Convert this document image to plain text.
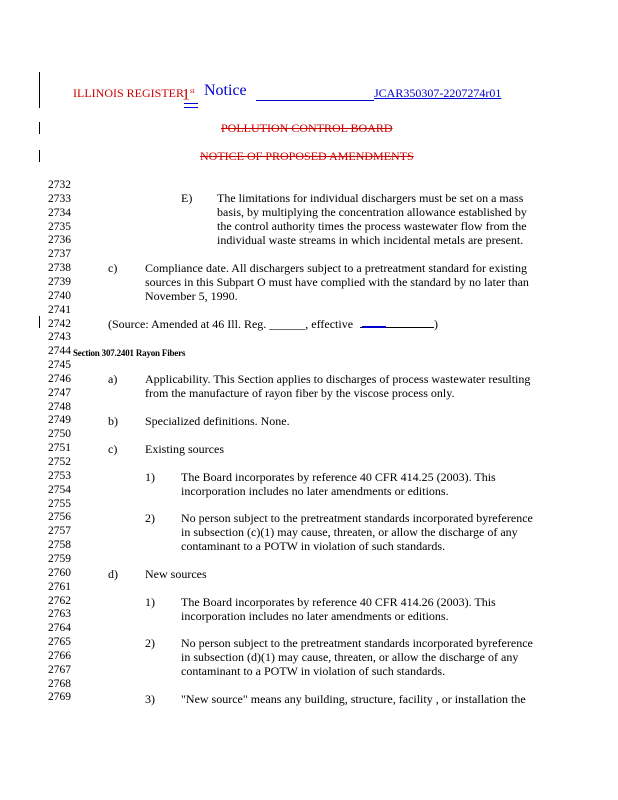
ILLINOIS REGISTER
1st Notice	JCAR350307-2207274r01
POLLUTION CONTROL BOARD
NOTICE OF PROPOSED AMENDMENTS
2732
2733
2734
2735
2736
2737
2738
2739
2740
2741
2742
2743
2744
2745
2746
2747
2748
2749
2750
2751
2752
2753
2754
2755
2756
2757
2758
2759
2760
2761
2762
2763
2764
2765
2766
2767
2768
2769
E) The limitations for individual dischargers must be set on a mass
basis, by multiplying the concentration allowance established by
the control authority times the process wastewater flow from the
individual waste streams in which incidental metals are present.
c) Compliance date. All dischargers subject to a pretreatment standard for existing
sources in this Subpart O must have complied with the standard by no later than
November 5, 1990.
(Source: Amended at 46 Ill. Reg. ______, effective	)
Section 307.2401 Rayon Fibers
a) Applicability. This Section applies to discharges of process wastewater resulting
from the manufacture of rayon fiber by the viscose process only.
b) Specialized definitions. None.
c) Existing sources
1) The Board incorporates by reference 40 CFR 414.25 (2003). This
incorporation includes no later amendments or editions.
2) No person subject to the pretreatment standards incorporated byreference
in subsection (c)(1) may cause, threaten, or allow the discharge of any
contaminant to a POTW in violation of such standards.
d) New sources
1) The Board incorporates by reference 40 CFR 414.26 (2003). This
incorporation includes no later amendments or editions.
2) No person subject to the pretreatment standards incorporated byreference
in subsection (d)(1) may cause, threaten, or allow the discharge of any
contaminant to a POTW in violation of such standards.
3) "New source" means any building, structure, facility , or installation the
